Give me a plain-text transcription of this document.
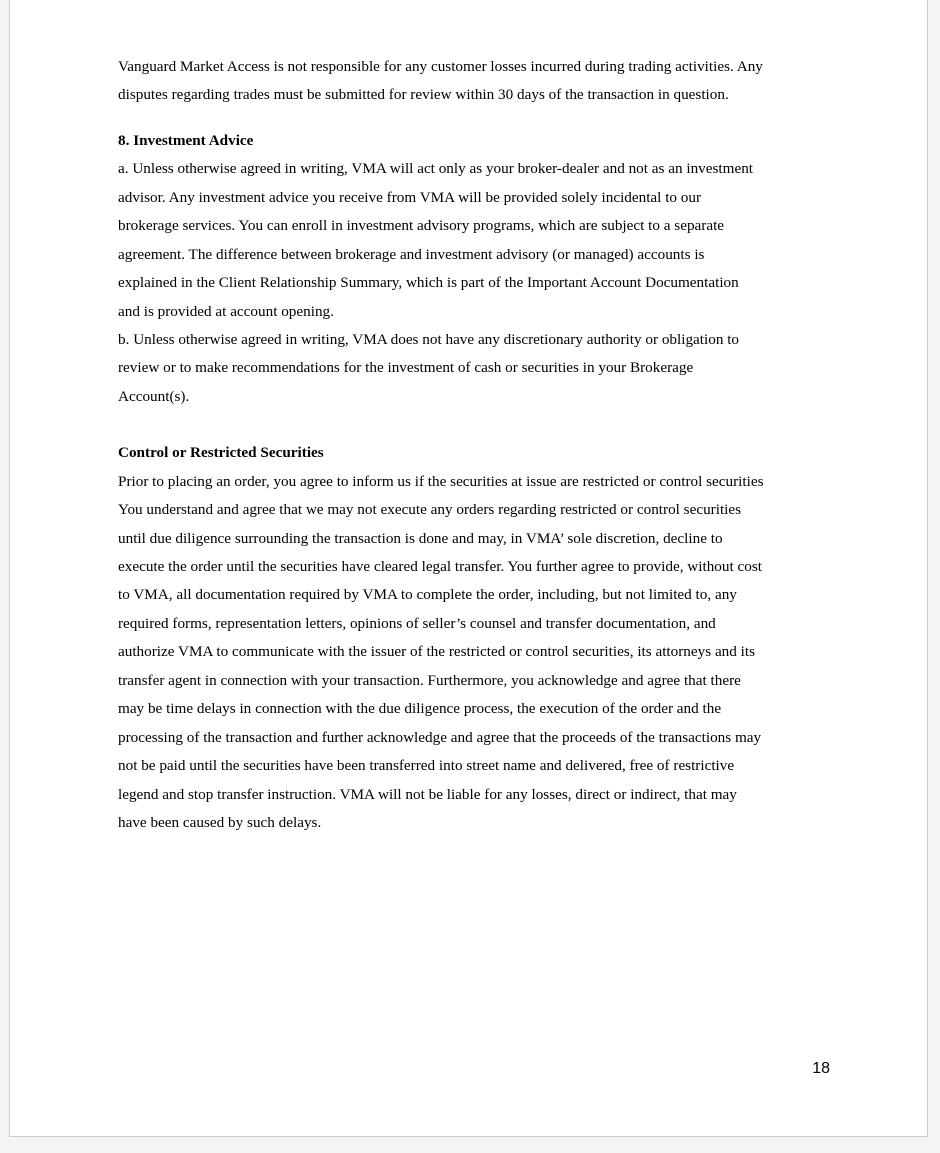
Vanguard Market Access is not responsible for any customer losses incurred during trading activities. Any
disputes regarding trades must be submitted for review within 30 days of the transaction in question.
8. Investment Advice
a. Unless otherwise agreed in writing, VMA will act only as your broker-dealer and not as an investment
advisor. Any investment advice you receive from VMA will be provided solely incidental to our
brokerage services. You can enroll in investment advisory programs, which are subject to a separate
agreement. The difference between brokerage and investment advisory (or managed) accounts is
explained in the Client Relationship Summary, which is part of the Important Account Documentation
and is provided at account opening.
b. Unless otherwise agreed in writing, VMA does not have any discretionary authority or obligation to
review or to make recommendations for the investment of cash or securities in your Brokerage
Account(s).
Control or Restricted Securities
Prior to placing an order, you agree to inform us if the securities at issue are restricted or control securities
You understand and agree that we may not execute any orders regarding restricted or control securities
until due diligence surrounding the transaction is done and may, in VMA’ sole discretion, decline to
execute the order until the securities have cleared legal transfer. You further agree to provide, without cost
to VMA, all documentation required by VMA to complete the order, including, but not limited to, any
required forms, representation letters, opinions of seller’s counsel and transfer documentation, and
authorize VMA to communicate with the issuer of the restricted or control securities, its attorneys and its
transfer agent in connection with your transaction. Furthermore, you acknowledge and agree that there
may be time delays in connection with the due diligence process, the execution of the order and the
processing of the transaction and further acknowledge and agree that the proceeds of the transactions may
not be paid until the securities have been transferred into street name and delivered, free of restrictive
legend and stop transfer instruction. VMA will not be liable for any losses, direct or indirect, that may
have been caused by such delays.
18
